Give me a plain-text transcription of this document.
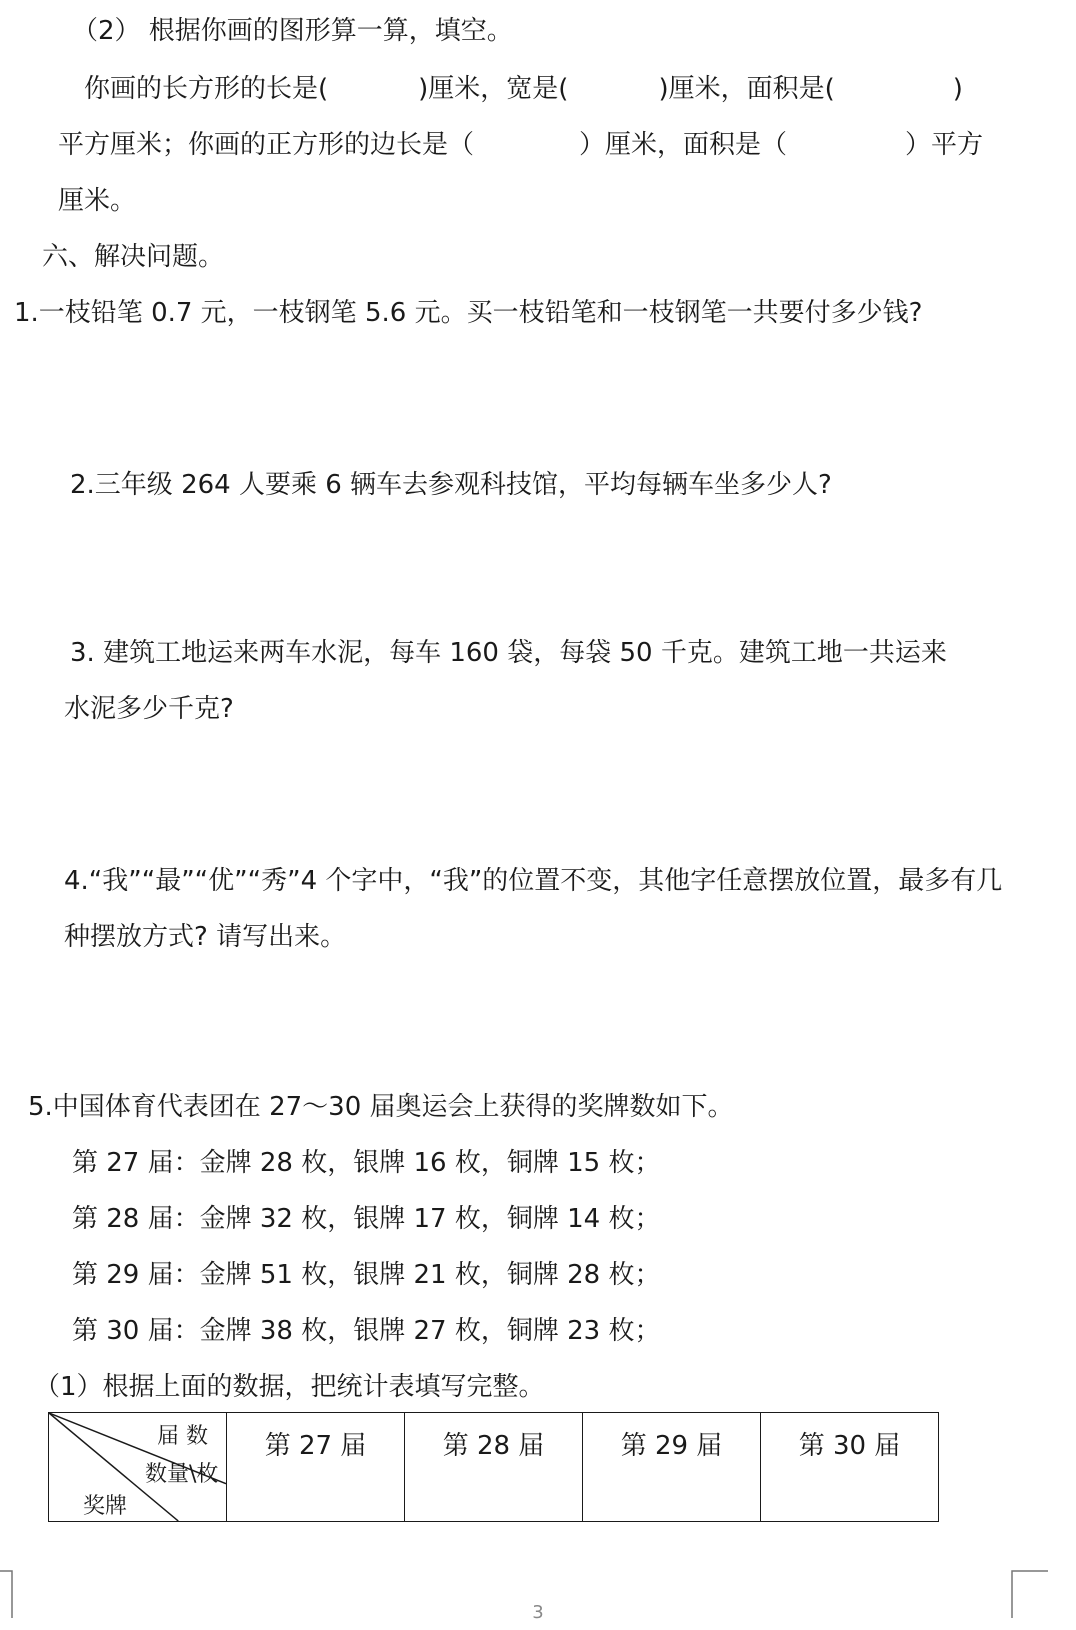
（2） 根据你画的图形算一算，填空。
你画的长方形的长是(	)厘米，宽是(	)厘米，面积是(	)
平方厘米；你画的正方形的边长是（	）厘米，面积是（	）平方
厘米。
六、解决问题。
1.一枝铅笔 0.7 元，一枝钢笔 5.6 元。买一枝铅笔和一枝钢笔一共要付多少钱?
2.三年级 264 人要乘 6 辆车去参观科技馆，平均每辆车坐多少人?
3. 建筑工地运来两车水泥，每车 160 袋，每袋 50 千克。建筑工地一共运来
水泥多少千克?
4.“我”“最”“优”“秀”4 个字中，“我”的位置不变，其他字任意摆放位置，最多有几
种摆放方式? 请写出来。
5.中国体育代表团在 27～30 届奥运会上获得的奖牌数如下。
第 27 届：金牌 28 枚，银牌 16 枚，铜牌 15 枚；
第 28 届：金牌 32 枚，银牌 17 枚，铜牌 14 枚；
第 29 届：金牌 51 枚，银牌 21 枚，铜牌 28 枚；
第 30 届：金牌 38 枚，银牌 27 枚，铜牌 23 枚；
（1）根据上面的数据，把统计表填写完整。
届 数
数量\枚
奖牌
	第 27 届	第 28 届	第 29 届	第 30 届
3
